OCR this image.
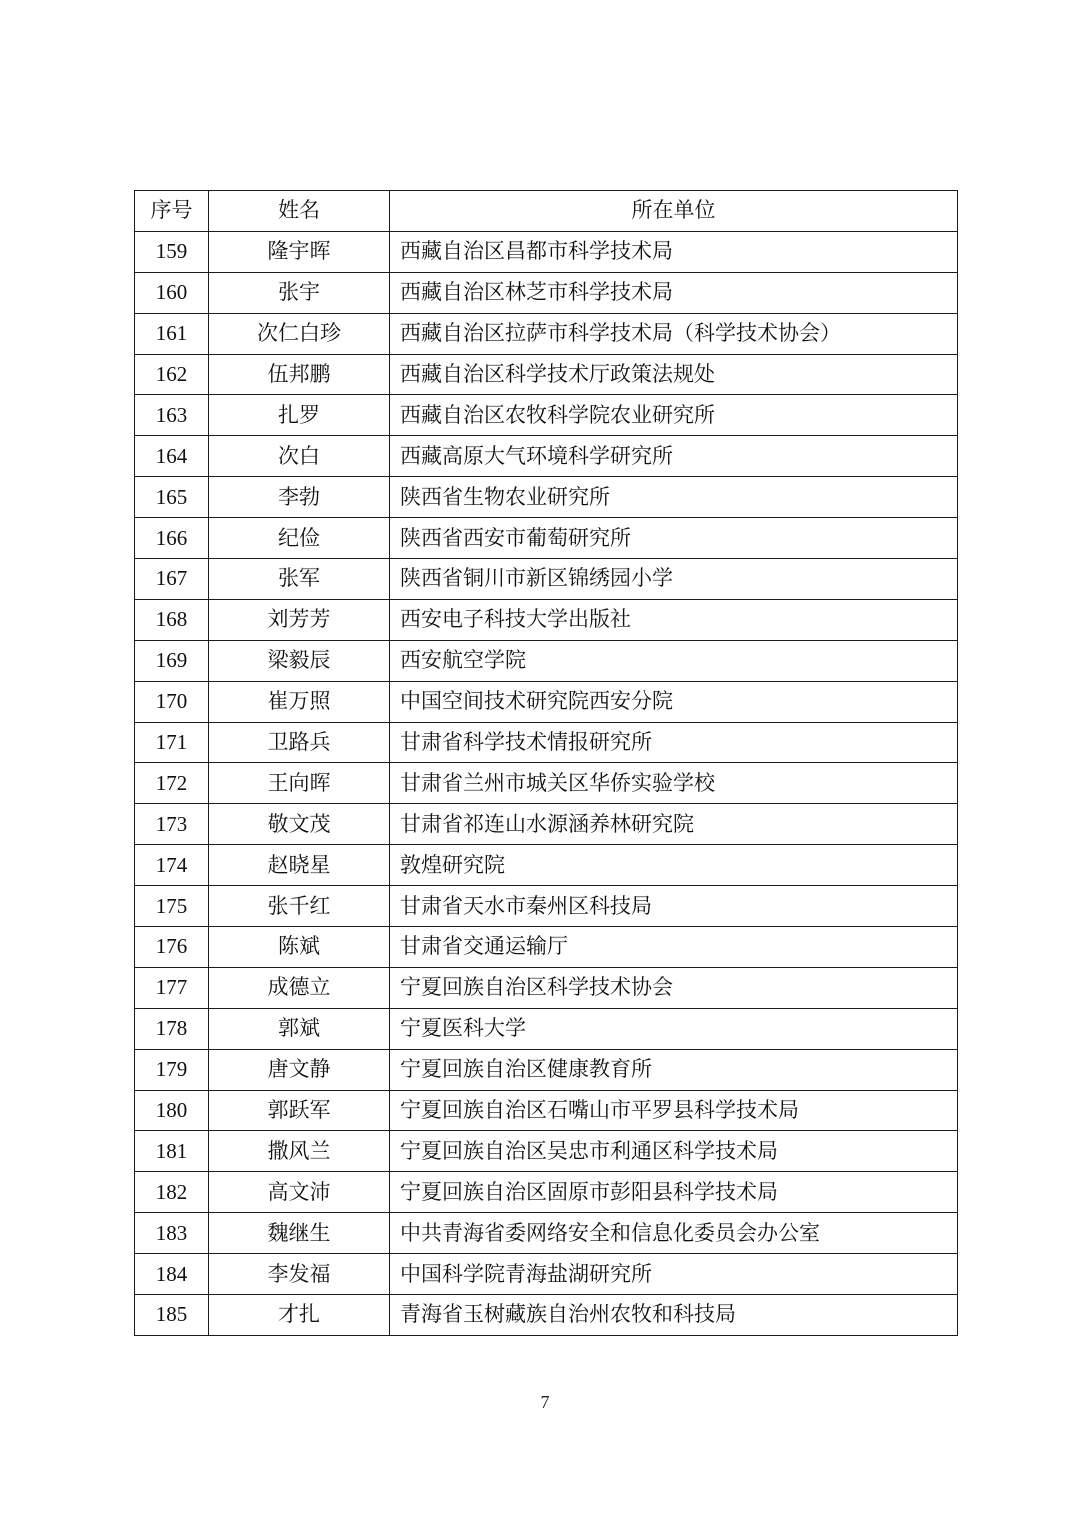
序号	姓名	所在单位
159	隆宇晖	西藏自治区昌都市科学技术局
160	张宇	西藏自治区林芝市科学技术局
161	次仁白珍	西藏自治区拉萨市科学技术局（科学技术协会）
162	伍邦鹏	西藏自治区科学技术厅政策法规处
163	扎罗	西藏自治区农牧科学院农业研究所
164	次白	西藏高原大气环境科学研究所
165	李勃	陕西省生物农业研究所
166	纪俭	陕西省西安市葡萄研究所
167	张军	陕西省铜川市新区锦绣园小学
168	刘芳芳	西安电子科技大学出版社
169	梁毅辰	西安航空学院
170	崔万照	中国空间技术研究院西安分院
171	卫路兵	甘肃省科学技术情报研究所
172	王向晖	甘肃省兰州市城关区华侨实验学校
173	敬文茂	甘肃省祁连山水源涵养林研究院
174	赵晓星	敦煌研究院
175	张千红	甘肃省天水市秦州区科技局
176	陈斌	甘肃省交通运输厅
177	成德立	宁夏回族自治区科学技术协会
178	郭斌	宁夏医科大学
179	唐文静	宁夏回族自治区健康教育所
180	郭跃军	宁夏回族自治区石嘴山市平罗县科学技术局
181	撒风兰	宁夏回族自治区吴忠市利通区科学技术局
182	高文沛	宁夏回族自治区固原市彭阳县科学技术局
183	魏继生	中共青海省委网络安全和信息化委员会办公室
184	李发福	中国科学院青海盐湖研究所
185	才扎	青海省玉树藏族自治州农牧和科技局
7
